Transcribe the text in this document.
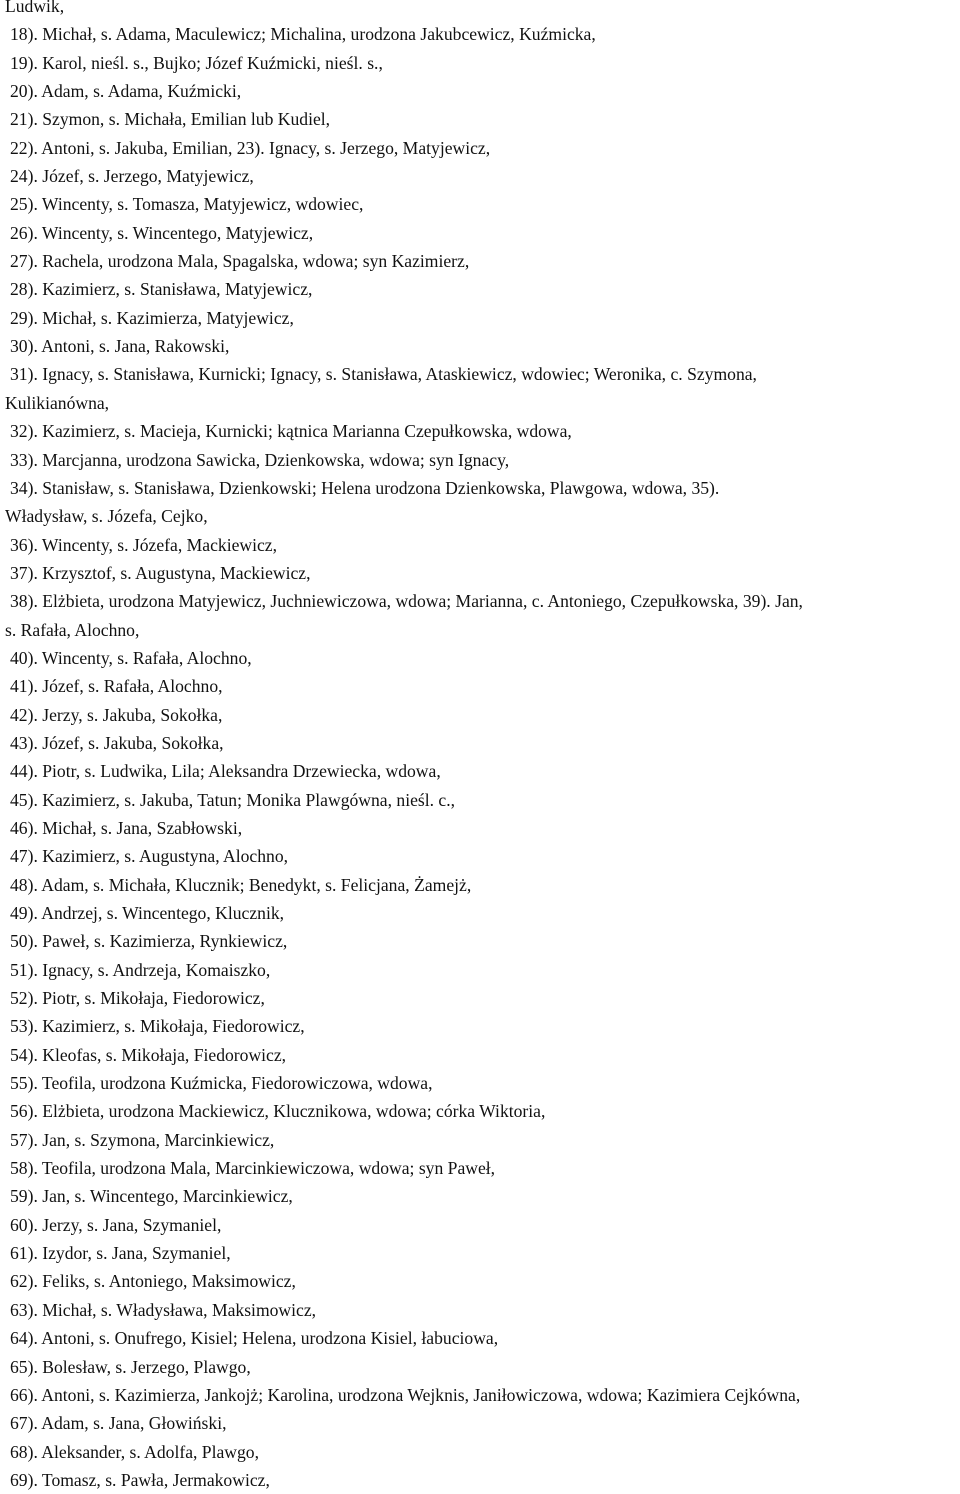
Ludwik,
18). Michał, s. Adama, Maculewicz; Michalina, urodzona Jakubcewicz, Kuźmicka,
19). Karol, nieśl. s., Bujko; Józef Kuźmicki, nieśl. s.,
20). Adam, s. Adama, Kuźmicki,
21). Szymon, s. Michała, Emilian lub Kudiel,
22). Antoni, s. Jakuba, Emilian, 23). Ignacy, s. Jerzego, Matyjewicz,
24). Józef, s. Jerzego, Matyjewicz,
25). Wincenty, s. Tomasza, Matyjewicz, wdowiec,
26). Wincenty, s. Wincentego, Matyjewicz,
27). Rachela, urodzona Mala, Spagalska, wdowa; syn Kazimierz,
28). Kazimierz, s. Stanisława, Matyjewicz,
29). Michał, s. Kazimierza, Matyjewicz,
30). Antoni, s. Jana, Rakowski,
31). Ignacy, s. Stanisława, Kurnicki; Ignacy, s. Stanisława, Ataskiewicz, wdowiec; Weronika, c. Szymona,
Kulikianówna,
32). Kazimierz, s. Macieja, Kurnicki; kątnica Marianna Czepułkowska, wdowa,
33). Marcjanna, urodzona Sawicka, Dzienkowska, wdowa; syn Ignacy,
34). Stanisław, s. Stanisława, Dzienkowski; Helena urodzona Dzienkowska, Plawgowa, wdowa, 35).
Władysław, s. Józefa, Cejko,
36). Wincenty, s. Józefa, Mackiewicz,
37). Krzysztof, s. Augustyna, Mackiewicz,
38). Elżbieta, urodzona Matyjewicz, Juchniewiczowa, wdowa; Marianna, c. Antoniego, Czepułkowska, 39). Jan,
s. Rafała, Alochno,
40). Wincenty, s. Rafała, Alochno,
41). Józef, s. Rafała, Alochno,
42). Jerzy, s. Jakuba, Sokołka,
43). Józef, s. Jakuba, Sokołka,
44). Piotr, s. Ludwika, Lila; Aleksandra Drzewiecka, wdowa,
45). Kazimierz, s. Jakuba, Tatun; Monika Plawgówna, nieśl. c.,
46). Michał, s. Jana, Szabłowski,
47). Kazimierz, s. Augustyna, Alochno,
48). Adam, s. Michała, Klucznik; Benedykt, s. Felicjana, Żamejż,
49). Andrzej, s. Wincentego, Klucznik,
50). Paweł, s. Kazimierza, Rynkiewicz,
51). Ignacy, s. Andrzeja, Komaiszko,
52). Piotr, s. Mikołaja, Fiedorowicz,
53). Kazimierz, s. Mikołaja, Fiedorowicz,
54). Kleofas, s. Mikołaja, Fiedorowicz,
55). Teofila, urodzona Kuźmicka, Fiedorowiczowa, wdowa,
56). Elżbieta, urodzona Mackiewicz, Klucznikowa, wdowa; córka Wiktoria,
57). Jan, s. Szymona, Marcinkiewicz,
58). Teofila, urodzona Mala, Marcinkiewiczowa, wdowa; syn Paweł,
59). Jan, s. Wincentego, Marcinkiewicz,
60). Jerzy, s. Jana, Szymaniel,
61). Izydor, s. Jana, Szymaniel,
62). Feliks, s. Antoniego, Maksimowicz,
63). Michał, s. Władysława, Maksimowicz,
64). Antoni, s. Onufrego, Kisiel; Helena, urodzona Kisiel, łabuciowa,
65). Bolesław, s. Jerzego, Plawgo,
66). Antoni, s. Kazimierza, Jankojż; Karolina, urodzona Wejknis, Janiłowiczowa, wdowa; Kazimiera Cejkówna,
67). Adam, s. Jana, Głowiński,
68). Aleksander, s. Adolfa, Plawgo,
69). Tomasz, s. Pawła, Jermakowicz,
